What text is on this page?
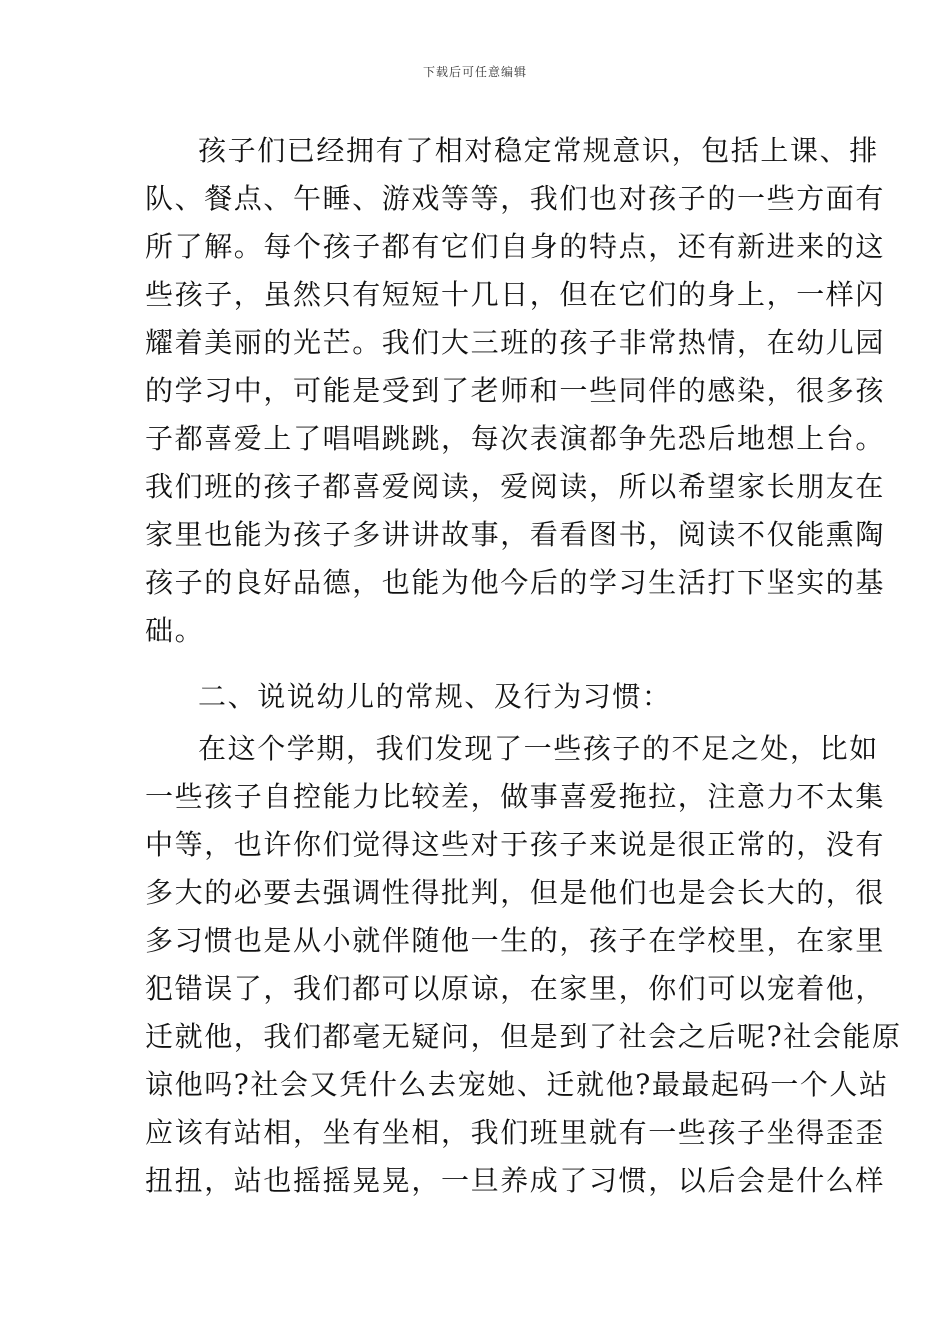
下载后可任意编辑
孩子们已经拥有了相对稳定常规意识，包括上课、排
队、餐点、午睡、游戏等等，我们也对孩子的一些方面有
所了解。每个孩子都有它们自身的特点，还有新进来的这
些孩子，虽然只有短短十几日，但在它们的身上，一样闪
耀着美丽的光芒。我们大三班的孩子非常热情，在幼儿园
的学习中，可能是受到了老师和一些同伴的感染，很多孩
子都喜爱上了唱唱跳跳，每次表演都争先恐后地想上台。
我们班的孩子都喜爱阅读，爱阅读，所以希望家长朋友在
家里也能为孩子多讲讲故事，看看图书，阅读不仅能熏陶
孩子的良好品德，也能为他今后的学习生活打下坚实的基
础。
二、说说幼儿的常规、及行为习惯：
在这个学期，我们发现了一些孩子的不足之处，比如
一些孩子自控能力比较差，做事喜爱拖拉，注意力不太集
中等，也许你们觉得这些对于孩子来说是很正常的，没有
多大的必要去强调性得批判，但是他们也是会长大的，很
多习惯也是从小就伴随他一生的，孩子在学校里，在家里
犯错误了，我们都可以原谅，在家里，你们可以宠着他，
迁就他，我们都毫无疑问，但是到了社会之后呢?社会能原
谅他吗?社会又凭什么去宠她、迁就他?最最起码一个人站
应该有站相，坐有坐相，我们班里就有一些孩子坐得歪歪
扭扭，站也摇摇晃晃，一旦养成了习惯，以后会是什么样
